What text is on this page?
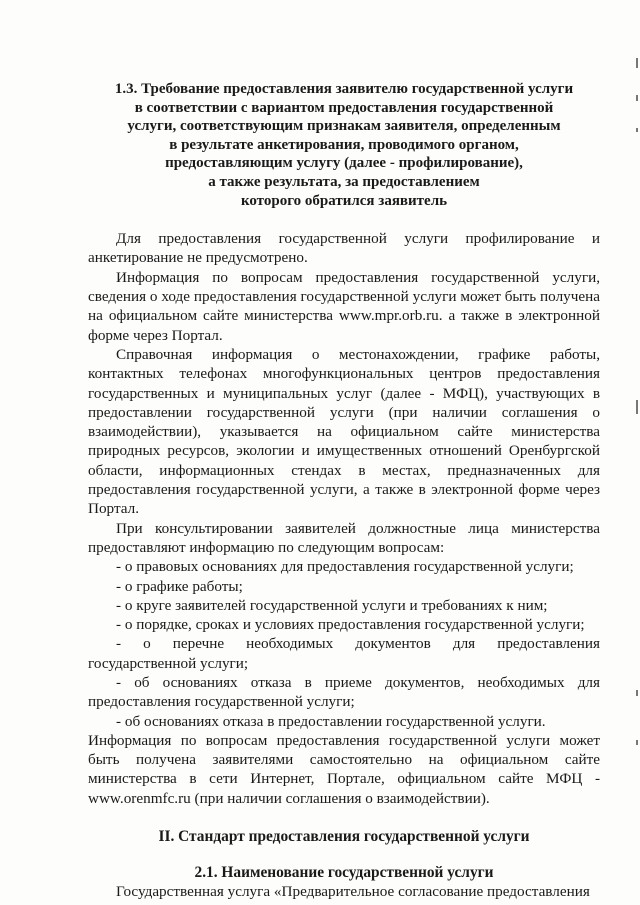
1.3. Требование предоставления заявителю государственной услуги
в соответствии с вариантом предоставления государственной
услуги, соответствующим признакам заявителя, определенным
в результате анкетирования, проводимого органом,
предоставляющим услугу (далее - профилирование),
а также результата, за предоставлением
которого обратился заявитель

Для предоставления государственной услуги профилирование и анкетирование не предусмотрено.

Информация по вопросам предоставления государственной услуги, сведения о ходе предоставления государственной услуги может быть получена на официальном сайте министерства www.mpr.orb.ru. а также в электронной форме через Портал.

Справочная информация о местонахождении, графике работы, контактных телефонах многофункциональных центров предоставления государственных и муниципальных услуг (далее - МФЦ), участвующих в предоставлении государственной услуги (при наличии соглашения о взаимодействии), указывается на официальном сайте министерства природных ресурсов, экологии и имущественных отношений Оренбургской области, информационных стендах в местах, предназначенных для предоставления государственной услуги, а также в электронной форме через Портал.

При консультировании заявителей должностные лица министерства предоставляют информацию по следующим вопросам:

- о правовых основаниях для предоставления государственной услуги;

- о графике работы;

- о круге заявителей государственной услуги и требованиях к ним;

- о порядке, сроках и условиях предоставления государственной услуги;

- о перечне необходимых документов для предоставления государственной услуги;

- об основаниях отказа в приеме документов, необходимых для предоставления государственной услуги;

- об основаниях отказа в предоставлении государственной услуги.

Информация по вопросам предоставления государственной услуги может быть получена заявителями самостоятельно на официальном сайте министерства в сети Интернет, Портале, официальном сайте МФЦ - www.orenmfc.ru (при наличии соглашения о взаимодействии).

II. Стандарт предоставления государственной услуги
2.1. Наименование государственной услуги

Государственная услуга «Предварительное согласование предоставления
